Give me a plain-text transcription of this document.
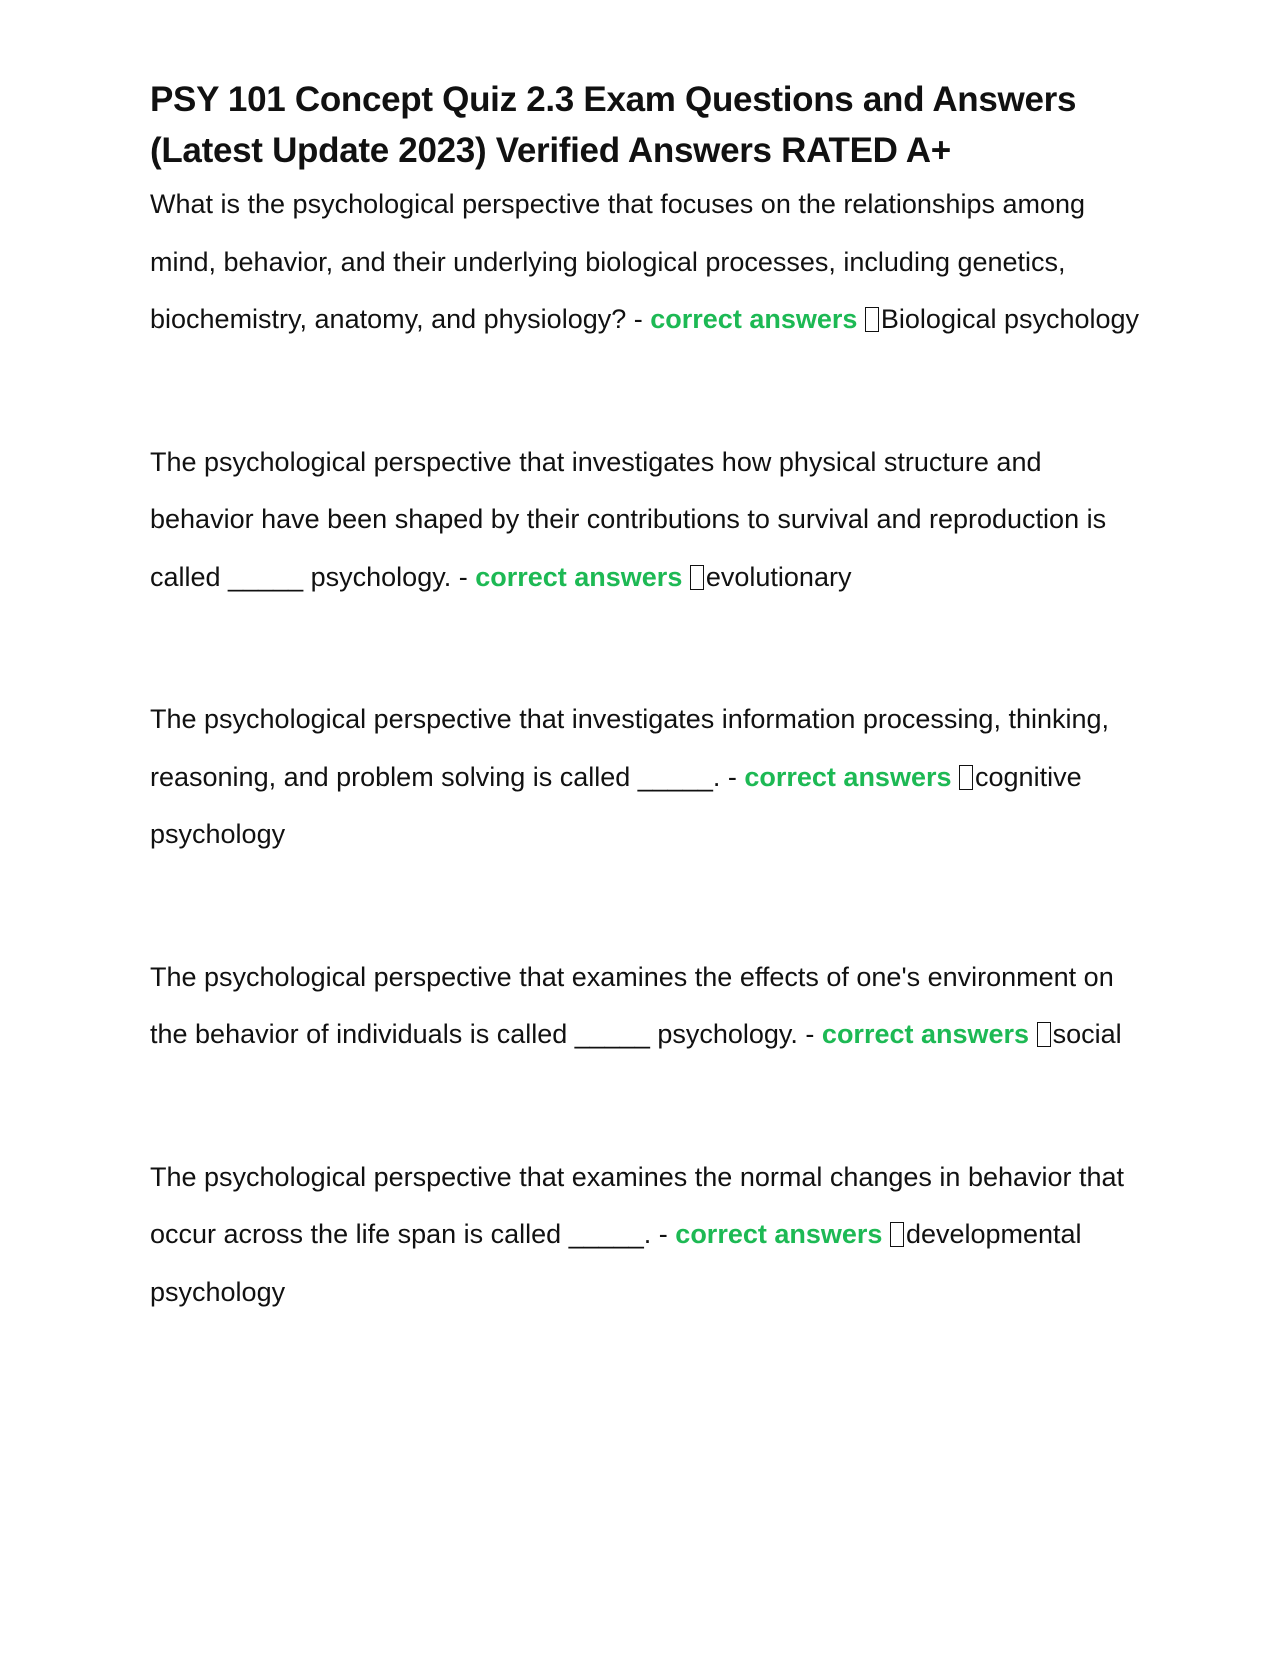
PSY 101 Concept Quiz 2.3 Exam Questions and Answers (Latest Update 2023) Verified Answers RATED A+

What is the psychological perspective that focuses on the relationships among mind, behavior, and their underlying biological processes, including genetics, biochemistry, anatomy, and physiology? - correct answers Biological psychology

The psychological perspective that investigates how physical structure and behavior have been shaped by their contributions to survival and reproduction is called _____ psychology. - correct answers evolutionary

The psychological perspective that investigates information processing, thinking, reasoning, and problem solving is called _____. - correct answers cognitive psychology

The psychological perspective that examines the effects of one's environment on the behavior of individuals is called _____ psychology. - correct answers social

The psychological perspective that examines the normal changes in behavior that occur across the life span is called _____. - correct answers developmental psychology
